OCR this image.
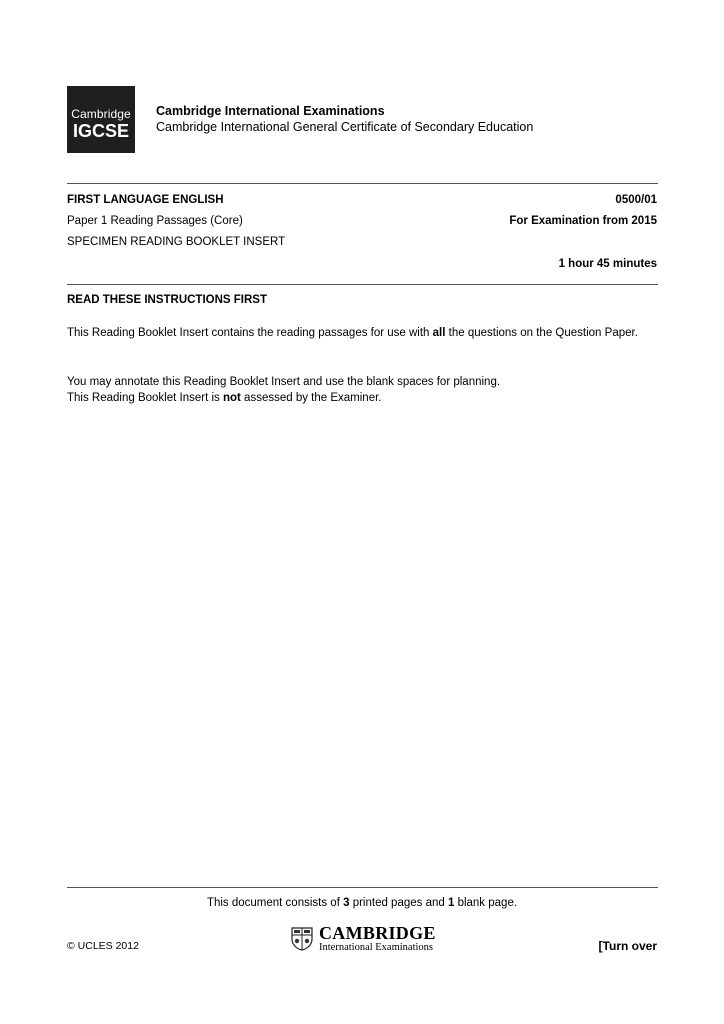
Cambridge
IGCSE
Cambridge International Examinations
Cambridge International General Certificate of Secondary Education
FIRST LANGUAGE ENGLISH	0500/01
Paper 1 Reading Passages (Core)	For Examination from 2015
SPECIMEN READING BOOKLET INSERT
1 hour 45 minutes
READ THESE INSTRUCTIONS FIRST

This Reading Booklet Insert contains the reading passages for use with all the questions on the Question Paper.

You may annotate this Reading Booklet Insert and use the blank spaces for planning.

This Reading Booklet Insert is not assessed by the Examiner.

This document consists of 3 printed pages and 1 blank page.
© UCLES 2012
CAMBRIDGE
International Examinations	[Turn over
